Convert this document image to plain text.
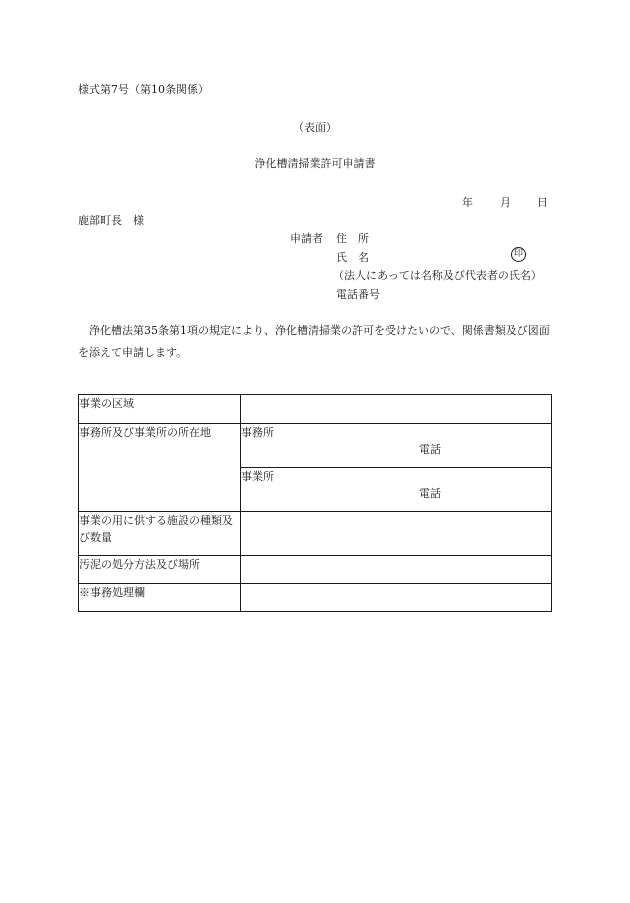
様式第7号（第10条関係）
（表面）
浄化槽清掃業許可申請書
年 月 日
鹿部町長　様
申請者 住　所
氏　名	印
（法人にあっては名称及び代表者の氏名）
電話番号
浄化槽法第35条第1項の規定により、浄化槽清掃業の許可を受けたいので、関係書類及び図面を添えて申請します。
事業の区域	
事務所及び事業所の所在地	事務所
電話

	事業所
電話

事業の用に供する施設の種類及び数量	
汚泥の処分方法及び場所	
※事務処理欄	
